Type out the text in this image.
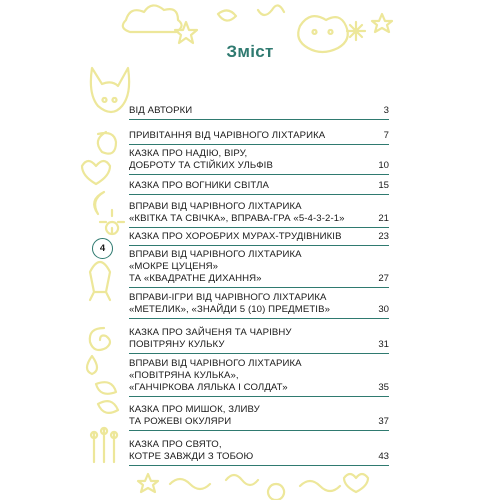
Зміст
4
ВІД АВТОРКИ	3
ПРИВІТАННЯ ВІД ЧАРІВНОГО ЛІХТАРИКА	7
КАЗКА ПРО НАДІЮ, ВІРУ,
ДОБРОТУ ТА СТІЙКИХ УЛЬФІВ	10
КАЗКА ПРО ВОГНИКИ СВІТЛА	15
ВПРАВИ ВІД ЧАРІВНОГО ЛІХТАРИКА
«КВІТКА ТА СВІЧКА», ВПРАВА-ГРА «5-4-3-2-1»	21
КАЗКА ПРО ХОРОБРИХ МУРАХ-ТРУДІВНИКІВ	23
ВПРАВИ ВІД ЧАРІВНОГО ЛІХТАРИКА
«МОКРЕ ЦУЦЕНЯ»
ТА «КВАДРАТНЕ ДИХАННЯ»	27
ВПРАВИ-ІГРИ ВІД ЧАРІВНОГО ЛІХТАРИКА
«МЕТЕЛИК», «ЗНАЙДИ 5 (10) ПРЕДМЕТІВ»	30
КАЗКА ПРО ЗАЙЧЕНЯ ТА ЧАРІВНУ
ПОВІТРЯНУ КУЛЬКУ	31
ВПРАВИ ВІД ЧАРІВНОГО ЛІХТАРИКА
«ПОВІТРЯНА КУЛЬКА»,
«ГАНЧІРКОВА ЛЯЛЬКА І СОЛДАТ»	35
КАЗКА ПРО МИШОК, ЗЛИВУ
ТА РОЖЕВІ ОКУЛЯРИ	37
КАЗКА ПРО СВЯТО,
КОТРЕ ЗАВЖДИ З ТОБОЮ	43
